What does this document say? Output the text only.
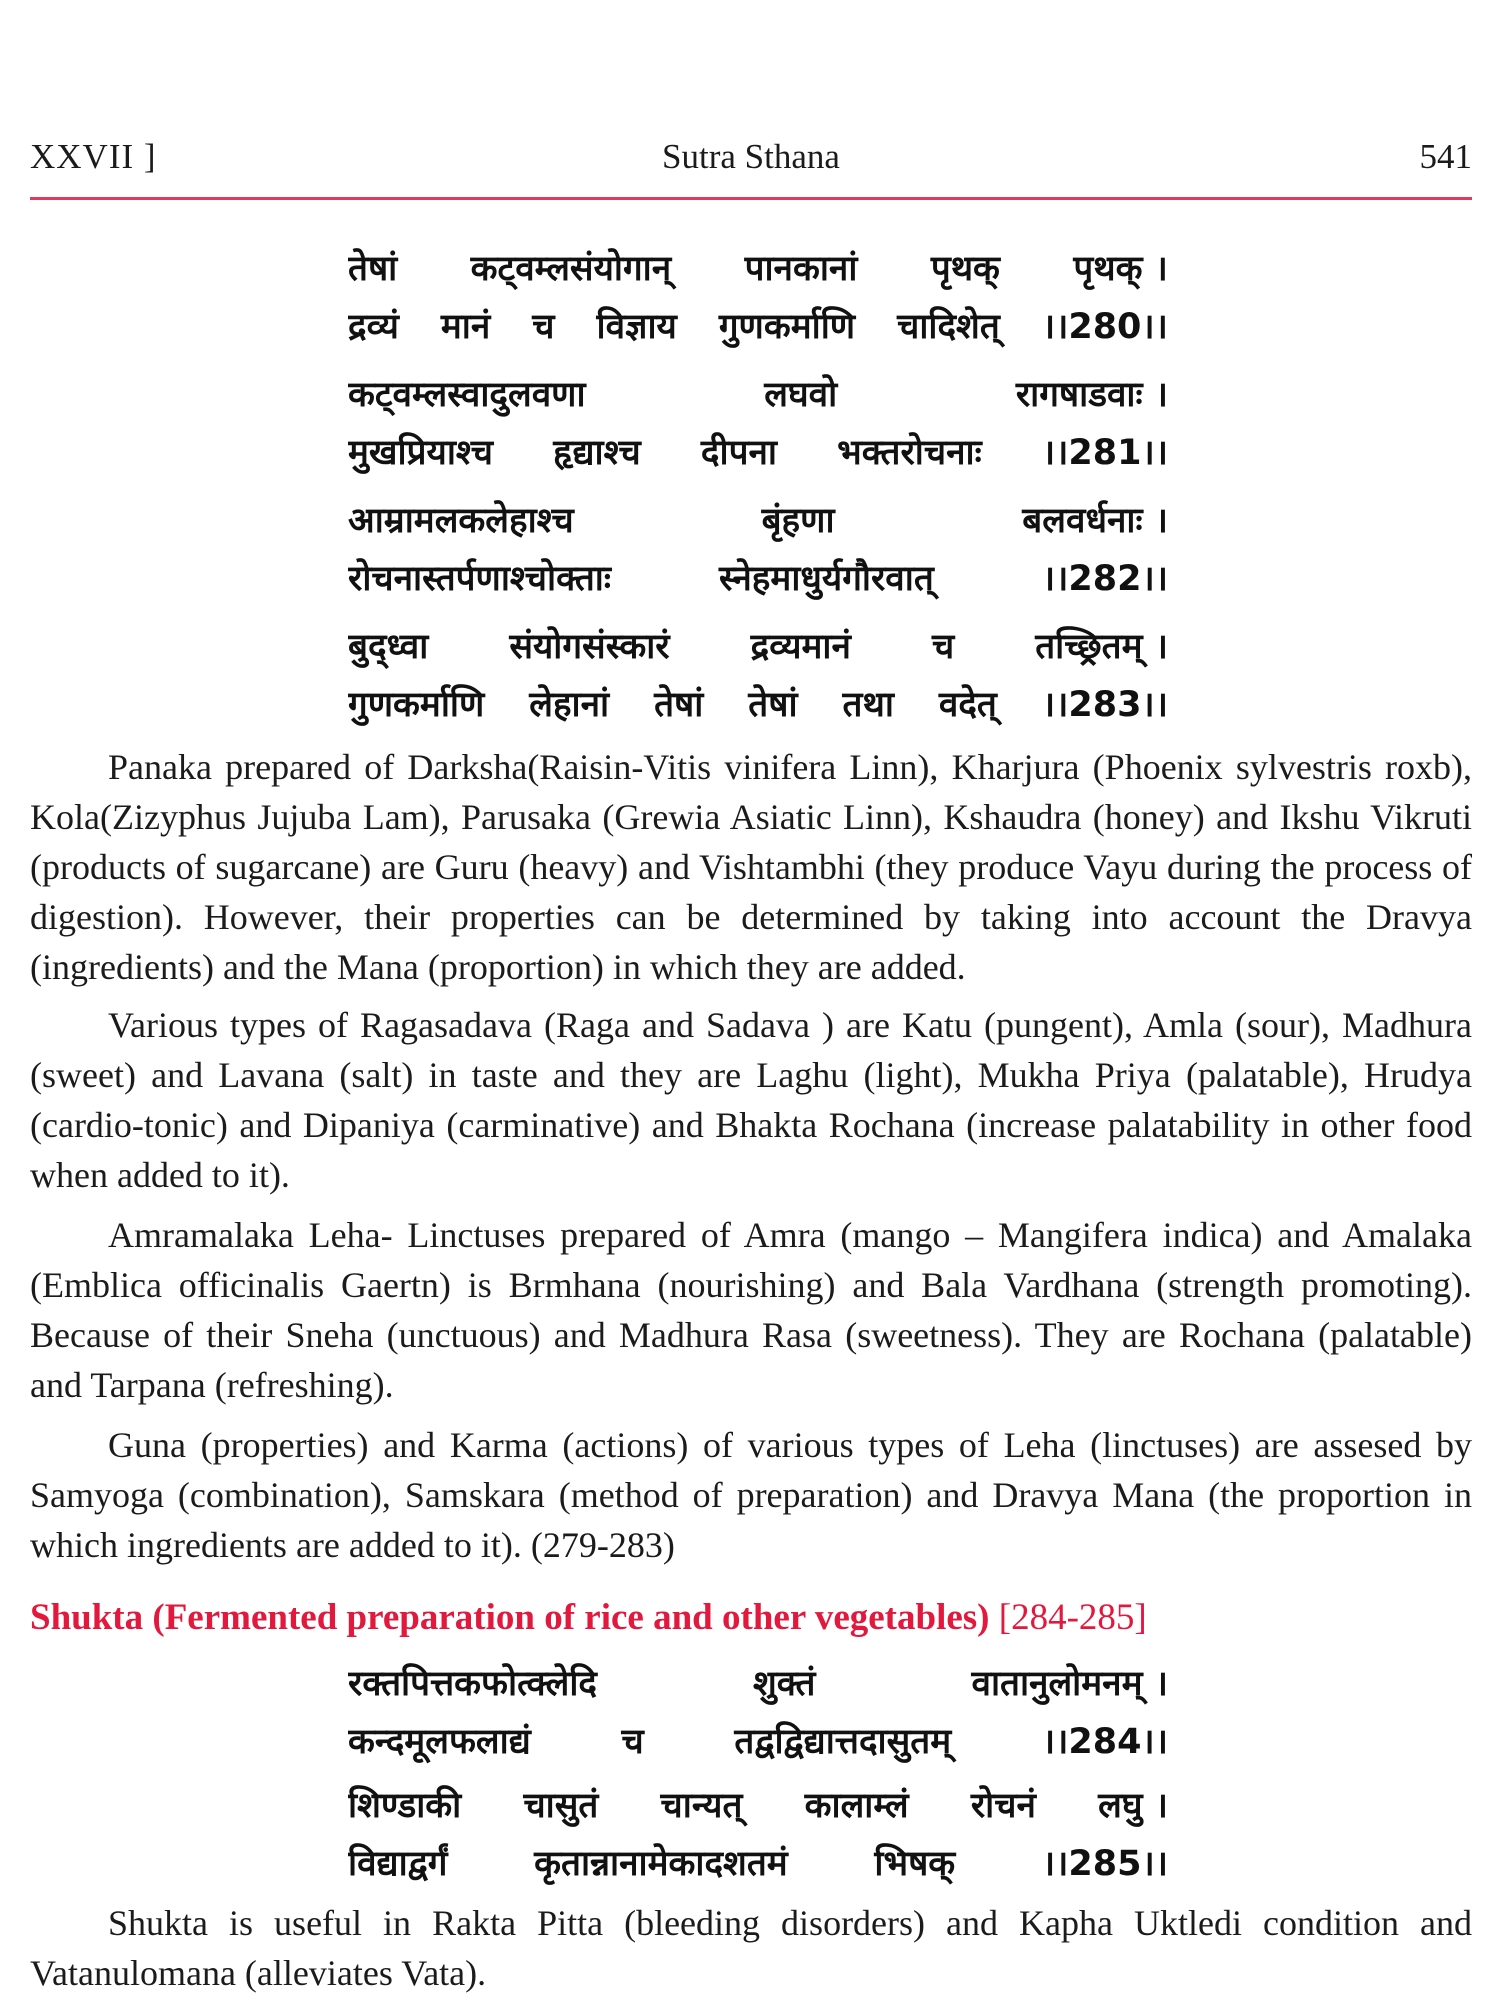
XXVII ]	Sutra Sthana	541
तेषां कट्वम्लसंयोगान् पानकानां पृथक् पृथक् ।
द्रव्यं मानं च विज्ञाय गुणकर्माणि चादिशेत् ।।280।।
कट्वम्लस्वादुलवणा	लघवो	रागषाडवाः ।
मुखप्रियाश्च हृद्याश्च दीपना भक्तरोचनाः ।।281।।
आम्रामलकलेहाश्च	बृंहणा	बलवर्धनाः ।
रोचनास्तर्पणाश्चोक्ताः	स्नेहमाधुर्यगौरवात्	।।282।।
बुद्ध्वा संयोगसंस्कारं द्रव्यमानं च तच्छ्रितम् ।
गुणकर्माणि लेहानां तेषां तेषां तथा वदेत् ।।283।।

Panaka prepared of Darksha(Raisin-Vitis vinifera Linn), Kharjura (Phoenix sylvestris roxb), Kola(Zizyphus Jujuba Lam), Parusaka (Grewia Asiatic Linn), Kshaudra (honey) and Ikshu Vikruti (products of sugarcane) are Guru (heavy) and Vishtambhi (they produce Vayu during the process of digestion). However, their properties can be determined by taking into account the Dravya (ingredients) and the Mana (proportion) in which they are added.

Various types of Ragasadava (Raga and Sadava ) are Katu (pungent), Amla (sour), Madhura (sweet) and Lavana (salt) in taste and they are Laghu (light), Mukha Priya (palatable), Hrudya (cardio-tonic) and Dipaniya (carminative) and Bhakta Rochana (increase palatability in other food when added to it).

Amramalaka Leha- Linctuses prepared of Amra (mango – Mangifera indica) and Amalaka (Emblica officinalis Gaertn) is Brmhana (nourishing) and Bala Vardhana (strength promoting). Because of their Sneha (unctuous) and Madhura Rasa (sweetness). They are Rochana (palatable) and Tarpana (refreshing).

Guna (properties) and Karma (actions) of various types of Leha (linctuses) are assesed by Samyoga (combination), Samskara (method of preparation) and Dravya Mana (the proportion in which ingredients are added to it). (279-283)

Shukta (Fermented preparation of rice and other vegetables) [284-285]
रक्तपित्तकफोत्क्लेदि	शुक्तं	वातानुलोमनम् ।
कन्दमूलफलाद्यं	च	तद्वद्विद्यात्तदासुतम्	।।284।।
शिण्डाकी चासुतं चान्यत् कालाम्लं रोचनं लघु ।
विद्याद्वर्गं कृतान्नानामेकादशतमं भिषक् ।।285।।

Shukta is useful in Rakta Pitta (bleeding disorders) and Kapha Uktledi condition and Vatanulomana (alleviates Vata).
